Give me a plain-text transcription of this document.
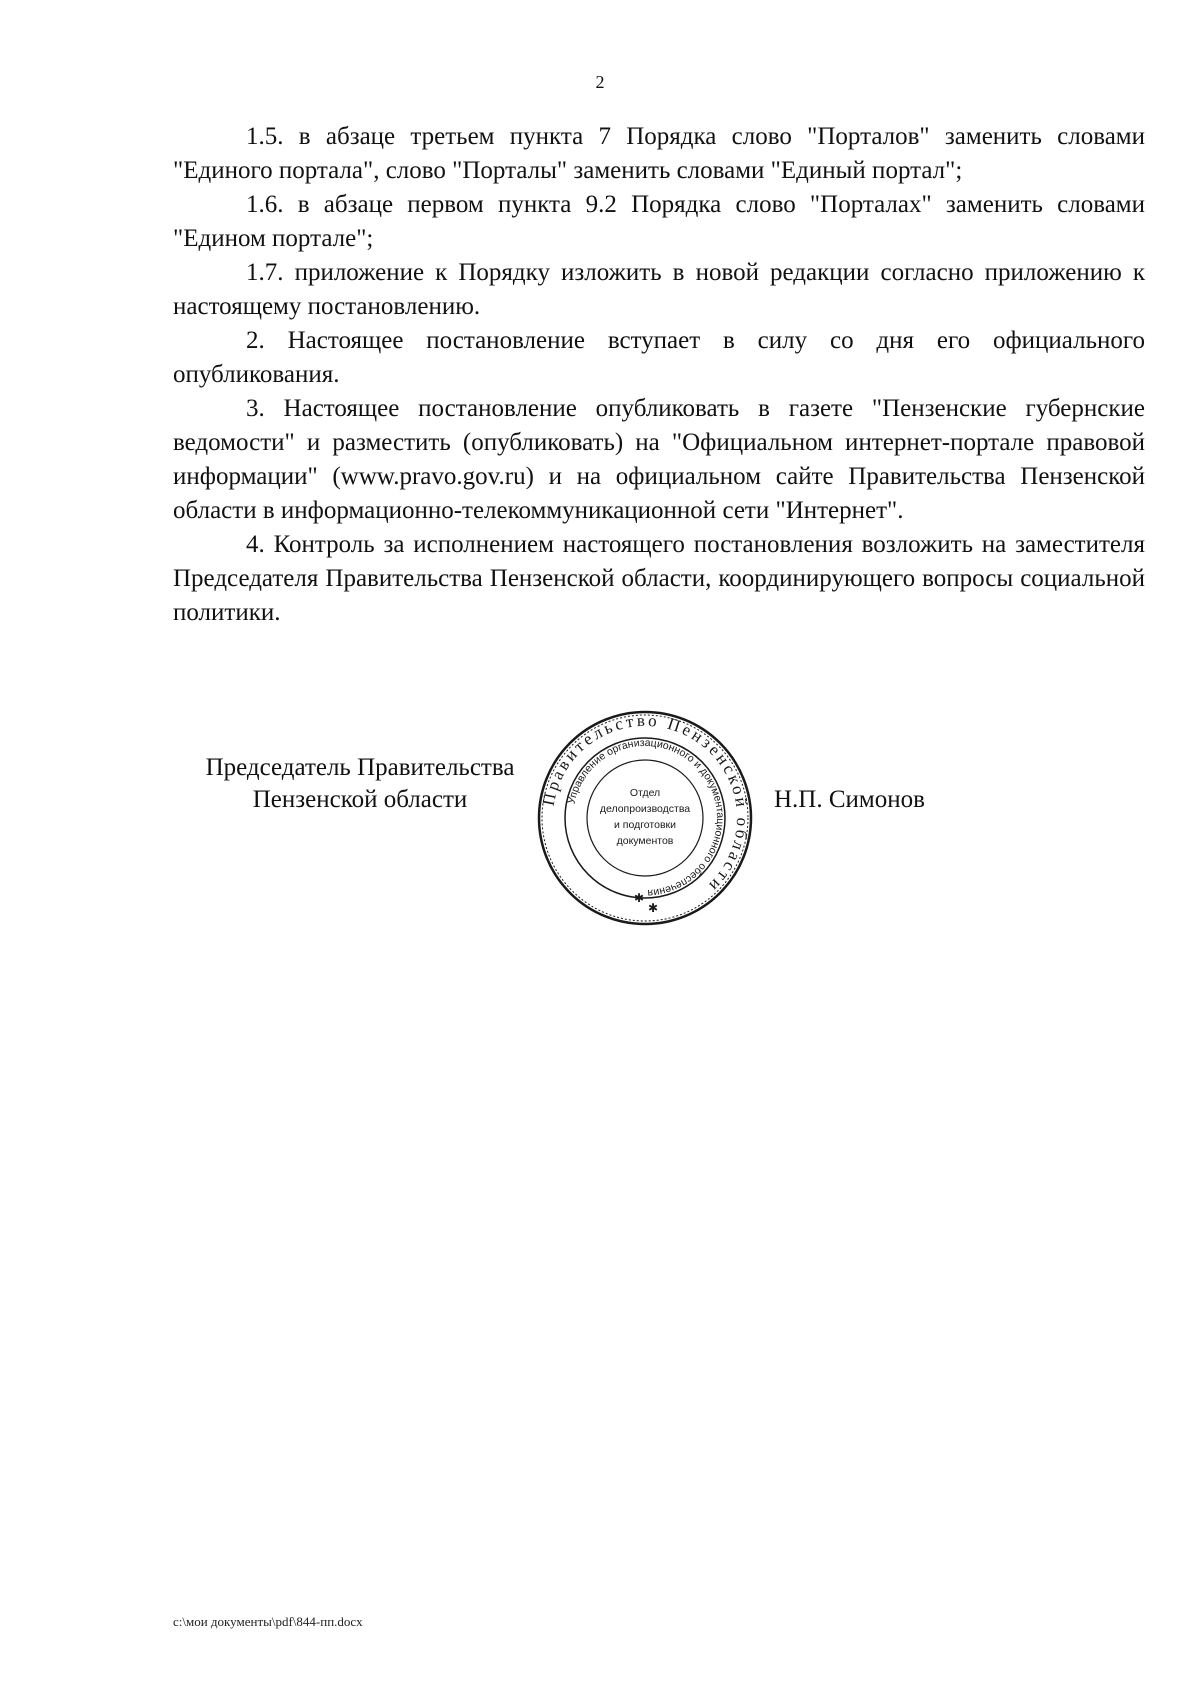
2

1.5. в абзаце третьем пункта 7 Порядка слово "Порталов" заменить словами "Единого портала", слово "Порталы" заменить словами "Единый портал";

1.6. в абзаце первом пункта 9.2 Порядка слово "Порталах" заменить словами "Едином портале";

1.7. приложение к Порядку изложить в новой редакции согласно приложению к настоящему постановлению.

2. Настоящее постановление вступает в силу со дня его официального опубликования.

3. Настоящее постановление опубликовать в газете "Пензенские губернские ведомости" и разместить (опубликовать) на "Официальном интернет-портале правовой информации" (www.pravo.gov.ru) и на официальном сайте Правительства Пензенской области в информационно-телекоммуникационной сети "Интернет".

4. Контроль за исполнением настоящего постановления возложить на заместителя Председателя Правительства Пензенской области, координирующего вопросы социальной политики.

Председатель Правительства
Пензенской области	Правительство Пензенской области
Управление организационного и документационного обеспечения
Отдел
делопроизводства
и подготовки
документов
✱
✱
Н.П. Симонов
c:\мои документы\pdf\844-пп.docx
